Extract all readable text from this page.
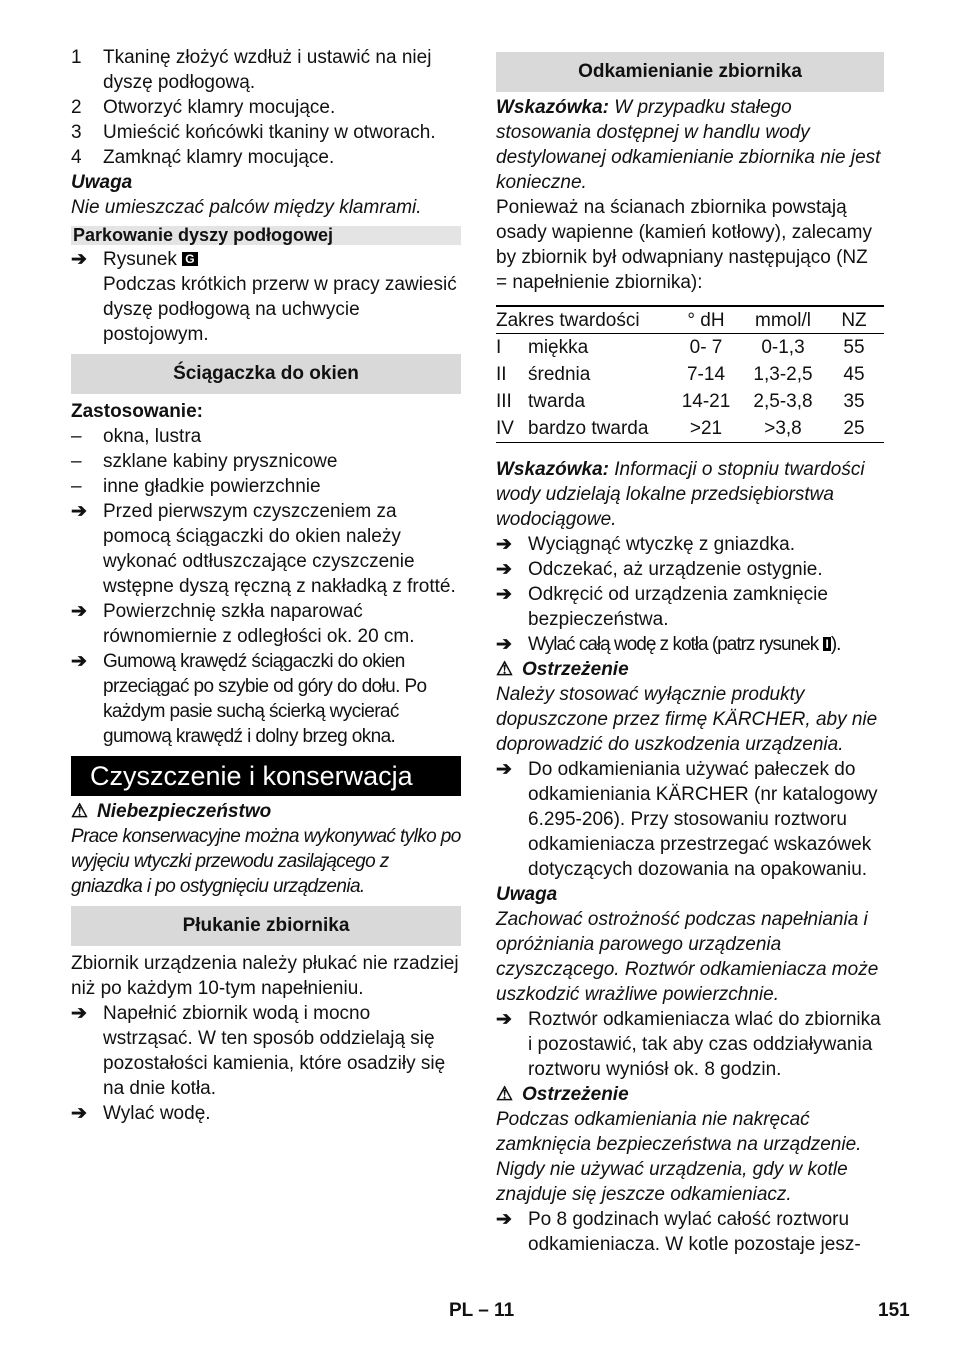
1	Tkaninę złożyć wzdłuż i ustawić na niej dyszę podłogową.
2	Otworzyć klamry mocujące.
3	Umieścić końcówki tkaniny w otworach.
4	Zamknąć klamry mocujące.
Uwaga
Nie umieszczać palców między klamrami.
Parkowanie dyszy podłogowej
➔ Rysunek G
Podczas krótkich przerw w pracy zawiesić dyszę podłogową na uchwycie postojowym.
Ściągaczka do okien
Zastosowanie:
–	okna, lustra
–	szklane kabiny prysznicowe
–	inne gładkie powierzchnie
➔ Przed pierwszym czyszczeniem za pomocą ściągaczki do okien należy wykonać odtłuszczające czyszczenie wstępne dyszą ręczną z nakładką z frotté.
➔ Powierzchnię szkła naparować równomiernie z odległości ok. 20 cm.
➔ Gumową krawędź ściągaczki do okien przeciągać po szybie od góry do dołu. Po każdym pasie suchą ścierką wycierać gumową krawędź i dolny brzeg okna.
Czyszczenie i konserwacja
⚠ Niebezpieczeństwo
Prace konserwacyjne można wykonywać tylko po wyjęciu wtyczki przewodu zasilającego z gniazdka i po ostygnięciu urządzenia.
Płukanie zbiornika
Zbiornik urządzenia należy płukać nie rzadziej niż po każdym 10-tym napełnieniu.
➔ Napełnić zbiornik wodą i mocno wstrząsać. W ten sposób oddzielają się pozostałości kamienia, które osadziły się na dnie kotła.
➔ Wylać wodę.
Odkamienianie zbiornika
Wskazówka: W przypadku stałego stosowania dostępnej w handlu wody destylowanej odkamienianie zbiornika nie jest konieczne.
Ponieważ na ścianach zbiornika powstają osady wapienne (kamień kotłowy), zalecamy by zbiornik był odwapniany następująco (NZ = napełnienie zbiornika):
Zakres twardości		° dH	mmol/l	NZ
I	miękka	0- 7	0-1,3	55
II	średnia	7-14	1,3-2,5	45
III	twarda	14-21	2,5-3,8	35
IV	bardzo twarda	>21	>3,8	25
Wskazówka: Informacji o stopniu twardości wody udzielają lokalne przedsiębiorstwa wodociągowe.
➔ Wyciągnąć wtyczkę z gniazdka.
➔ Odczekać, aż urządzenie ostygnie.
➔ Odkręcić od urządzenia zamknięcie bezpieczeństwa.
➔ Wylać całą wodę z kotła (patrz rysunek I ).
⚠ Ostrzeżenie
Należy stosować wyłącznie produkty dopuszczone przez firmę KÄRCHER, aby nie doprowadzić do uszkodzenia urządzenia.
➔ Do odkamieniania używać pałeczek do odkamieniania KÄRCHER (nr katalogowy 6.295-206). Przy stosowaniu roztworu odkamieniacza przestrzegać wskazówek dotyczących dozowania na opakowaniu.
Uwaga
Zachować ostrożność podczas napełniania i opróżniania parowego urządzenia czyszczącego. Roztwór odkamieniacza może uszkodzić wrażliwe powierzchnie.
➔ Roztwór odkamieniacza wlać do zbiornika i pozostawić, tak aby czas oddziaływania roztworu wyniósł ok. 8 godzin.
⚠ Ostrzeżenie
Podczas odkamieniania nie nakręcać zamknięcia bezpieczeństwa na urządzenie. Nigdy nie używać urządzenia, gdy w kotle znajduje się jeszcze odkamieniacz.
➔ Po 8 godzinach wylać całość roztworu odkamieniacza. W kotle pozostaje jesz-
PL – 11	151
